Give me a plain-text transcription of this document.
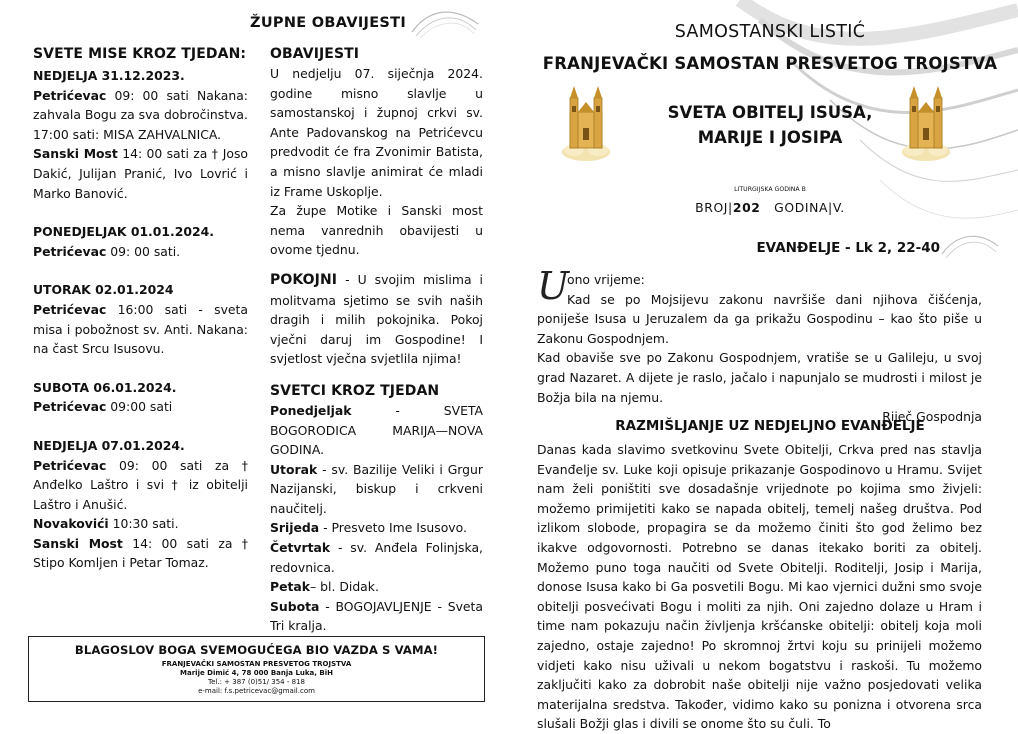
ŽUPNE OBAVIJESTI
SVETE MISE KROZ TJEDAN:
NEDJELJA 31.12.2023.
Petrićevac 09: 00 sati Nakana: zahvala Bogu za sva dobročinstva.
17:00 sati: MISA ZAHVALNICA.
Sanski Most 14: 00 sati za † Joso Dakić, Julijan Pranić, Ivo Lovrić i Marko Banović.
PONEDJELJAK 01.01.2024.
Petrićevac 09: 00 sati.
UTORAK 02.01.2024
Petrićevac 16:00 sati - sveta misa i pobožnost sv. Anti. Nakana: na čast Srcu Isusovu.
SUBOTA 06.01.2024.
Petrićevac 09:00 sati
NEDJELJA 07.01.2024.
Petrićevac 09: 00 sati za † Anđelko Laštro i svi † iz obitelji Laštro i Anušić.
Novakovići 10:30 sati.
Sanski Most 14: 00 sati za † Stipo Komljen i Petar Tomaz.
OBAVIJESTI
U nedjelju 07. siječnja 2024. godine misno slavlje u samostanskoj i župnoj crkvi sv. Ante Padovanskog na Petrićevcu predvodit će fra Zvonimir Batista, a misno slavlje animirat će mladi iz Frame Uskoplje.
Za župe Motike i Sanski most nema vanrednih obavijesti u ovome tjednu.
POKOJNI - U svojim mislima i molitvama sjetimo se svih naših dragih i milih pokojnika. Pokoj vječni daruj im Gospodine! I svjetlost vječna svjetlila njima!
SVETCI KROZ TJEDAN
Ponedjeljak - SVETA BOGORODICA MARIJA—NOVA GODINA.
Utorak - sv. Bazilije Veliki i Grgur Nazijanski, biskup i crkveni naučitelj.
Srijeda - Presveto Ime Isusovo.
Četvrtak - sv. Anđela Folinjska, redovnica.
Petak– bl. Didak.
Subota - BOGOJAVLJENJE - Sveta Tri kralja.
BLAGOSLOV BOGA SVEMOGUĆEGA BIO VAZDA S VAMA!
FRANJEVAČKI SAMOSTAN PRESVETOG TROJSTVA
Marije Dimić 4, 78 000 Banja Luka, BiH
Tel.: + 387 (0)51/ 354 - 818
e-mail: f.s.petricevac@gmail.com
SAMOSTANSKI LISTIĆ
FRANJEVAČKI SAMOSTAN PRESVETOG TROJSTVA
SVETA OBITELJ ISUSA,
MARIJE I JOSIPA
LITURGIJSKA GODINA B
BROJ|202 GODINA|V.
EVANĐELJE - Lk 2, 22-40
U
ono vrijeme:
Kad se po Mojsijevu zakonu navršiše dani njihova čišćenja, poniješe Isusa u Jeruzalem da ga prikažu Gospodinu – kao što piše u Zakonu Gospodnjem.
Kad obaviše sve po Zakonu Gospodnjem, vratiše se u Galileju, u svoj grad Nazaret. A dijete je raslo, jačalo i napunjalo se mudrosti i milost je Božja bila na njemu.
Riječ Gospodnja
RAZMIŠLJANJE UZ NEDJELJNO EVANĐELJE
Danas kada slavimo svetkovinu Svete Obitelji, Crkva pred nas stavlja Evanđelje sv. Luke koji opisuje prikazanje Gospodinovo u Hramu. Svijet nam želi poništiti sve dosadašnje vrijednote po kojima smo živjeli: možemo primijetiti kako se napada obitelj, temelj našeg društva. Pod izlikom slobode, propagira se da možemo činiti što god želimo bez ikakve odgovornosti. Potrebno se danas itekako boriti za obitelj. Možemo puno toga naučiti od Svete Obitelji. Roditelji, Josip i Marija, donose Isusa kako bi Ga posvetili Bogu. Mi kao vjernici dužni smo svoje obitelji posvećivati Bogu i moliti za njih. Oni zajedno dolaze u Hram i time nam pokazuju način življenja kršćanske obitelji: obitelj koja moli zajedno, ostaje zajedno! Po skromnoj žrtvi koju su prinijeli možemo vidjeti kako nisu uživali u nekom bogatstvu i raskoši. Tu možemo zaključiti kako za dobrobit naše obitelji nije važno posjedovati velika materijalna sredstva. Također, vidimo kako su ponizna i otvorena srca slušali Božji glas i divili se onome što su čuli. To
